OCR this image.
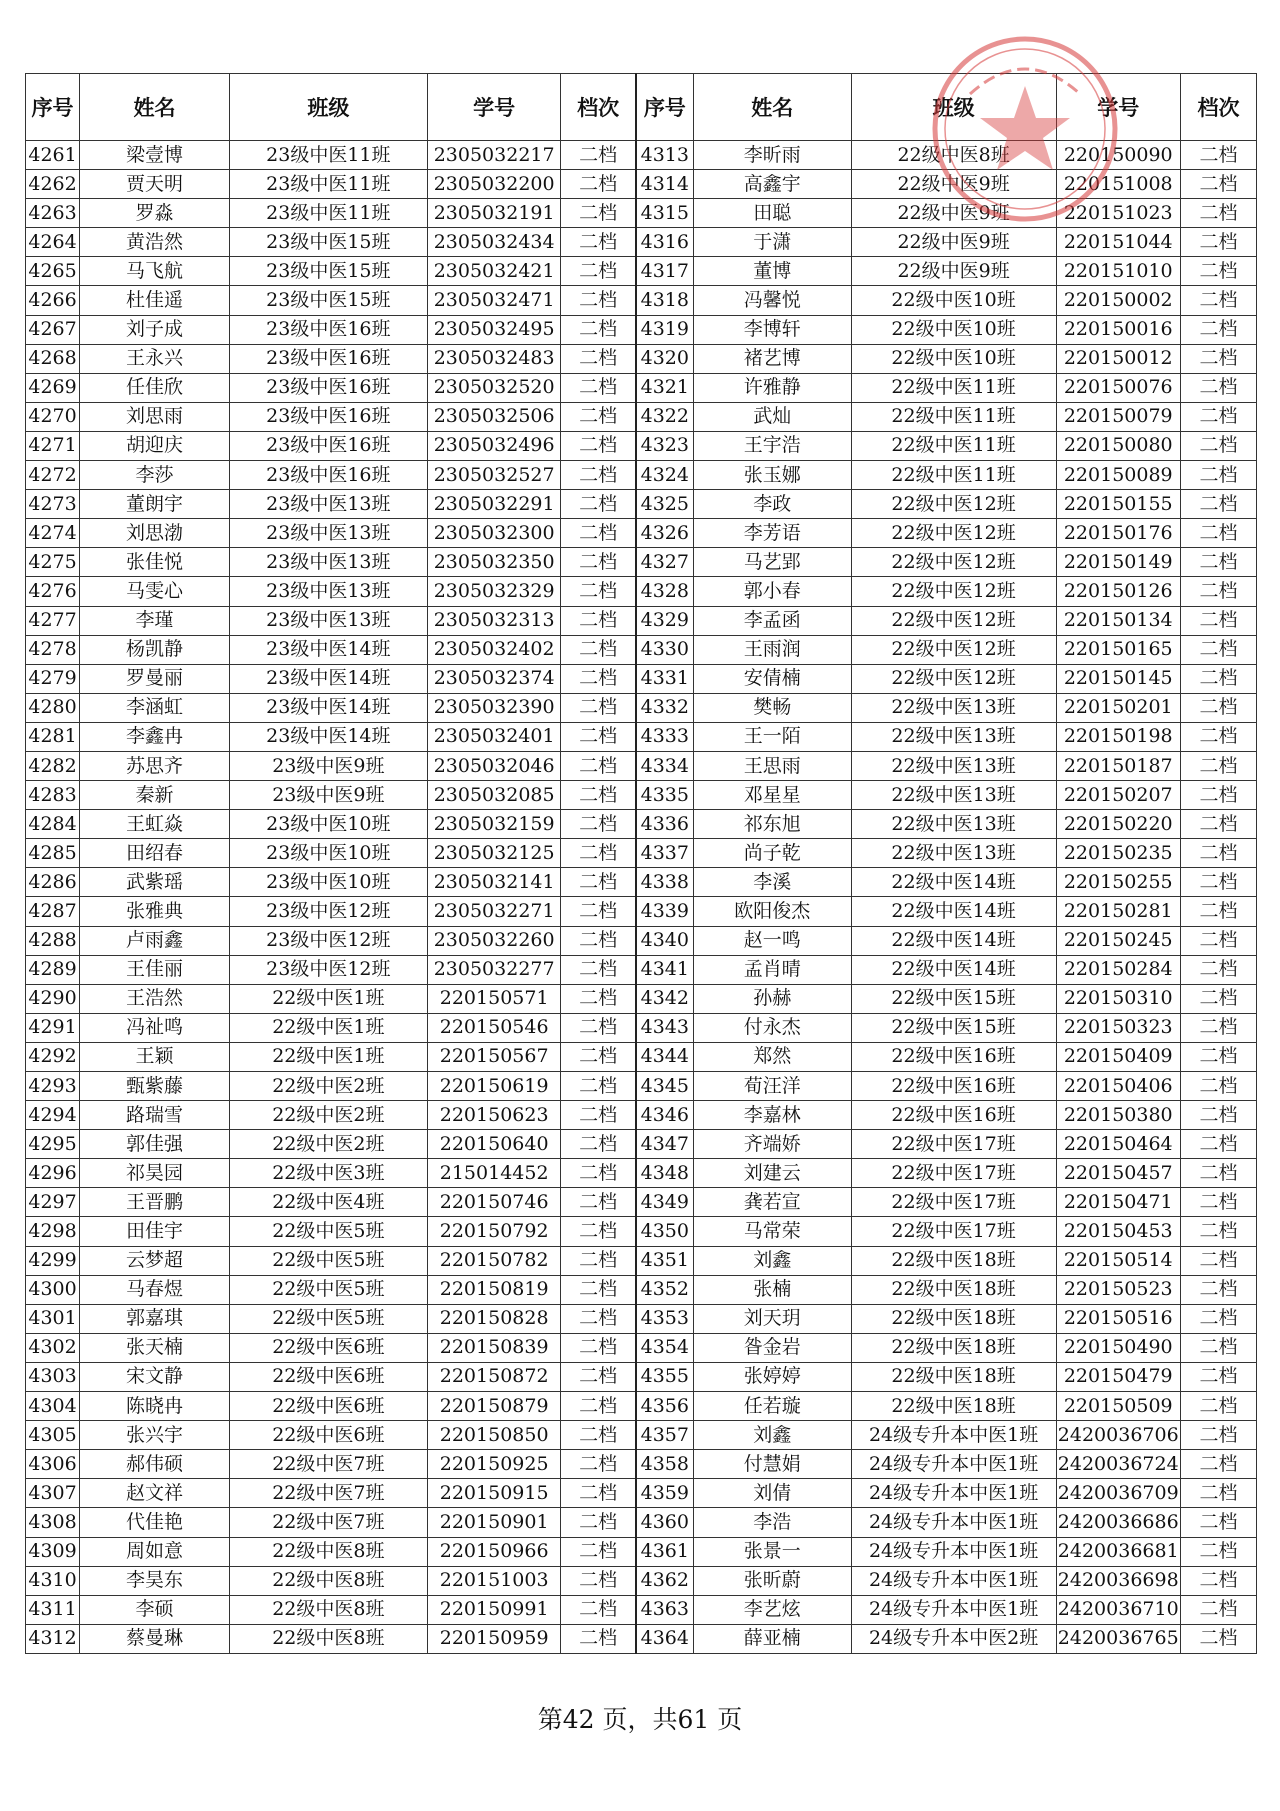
序号	姓名	班级	学号	档次	序号	姓名	班级	学号	档次
4261	梁壹博	23级中医11班	2305032217	二档	4313	李昕雨	22级中医8班	220150090	二档
4262	贾天明	23级中医11班	2305032200	二档	4314	高鑫宇	22级中医9班	220151008	二档
4263	罗淼	23级中医11班	2305032191	二档	4315	田聪	22级中医9班	220151023	二档
4264	黄浩然	23级中医15班	2305032434	二档	4316	于潇	22级中医9班	220151044	二档
4265	马飞航	23级中医15班	2305032421	二档	4317	董博	22级中医9班	220151010	二档
4266	杜佳遥	23级中医15班	2305032471	二档	4318	冯馨悦	22级中医10班	220150002	二档
4267	刘子成	23级中医16班	2305032495	二档	4319	李博轩	22级中医10班	220150016	二档
4268	王永兴	23级中医16班	2305032483	二档	4320	褚艺博	22级中医10班	220150012	二档
4269	任佳欣	23级中医16班	2305032520	二档	4321	许雅静	22级中医11班	220150076	二档
4270	刘思雨	23级中医16班	2305032506	二档	4322	武灿	22级中医11班	220150079	二档
4271	胡迎庆	23级中医16班	2305032496	二档	4323	王宇浩	22级中医11班	220150080	二档
4272	李莎	23级中医16班	2305032527	二档	4324	张玉娜	22级中医11班	220150089	二档
4273	董朗宇	23级中医13班	2305032291	二档	4325	李政	22级中医12班	220150155	二档
4274	刘思渤	23级中医13班	2305032300	二档	4326	李芳语	22级中医12班	220150176	二档
4275	张佳悦	23级中医13班	2305032350	二档	4327	马艺郢	22级中医12班	220150149	二档
4276	马雯心	23级中医13班	2305032329	二档	4328	郭小春	22级中医12班	220150126	二档
4277	李瑾	23级中医13班	2305032313	二档	4329	李孟函	22级中医12班	220150134	二档
4278	杨凯静	23级中医14班	2305032402	二档	4330	王雨润	22级中医12班	220150165	二档
4279	罗曼丽	23级中医14班	2305032374	二档	4331	安倩楠	22级中医12班	220150145	二档
4280	李涵虹	23级中医14班	2305032390	二档	4332	樊畅	22级中医13班	220150201	二档
4281	李鑫冉	23级中医14班	2305032401	二档	4333	王一陌	22级中医13班	220150198	二档
4282	苏思齐	23级中医9班	2305032046	二档	4334	王思雨	22级中医13班	220150187	二档
4283	秦新	23级中医9班	2305032085	二档	4335	邓星星	22级中医13班	220150207	二档
4284	王虹焱	23级中医10班	2305032159	二档	4336	祁东旭	22级中医13班	220150220	二档
4285	田绍春	23级中医10班	2305032125	二档	4337	尚子乾	22级中医13班	220150235	二档
4286	武紫瑶	23级中医10班	2305032141	二档	4338	李溪	22级中医14班	220150255	二档
4287	张雅典	23级中医12班	2305032271	二档	4339	欧阳俊杰	22级中医14班	220150281	二档
4288	卢雨鑫	23级中医12班	2305032260	二档	4340	赵一鸣	22级中医14班	220150245	二档
4289	王佳丽	23级中医12班	2305032277	二档	4341	孟肖晴	22级中医14班	220150284	二档
4290	王浩然	22级中医1班	220150571	二档	4342	孙赫	22级中医15班	220150310	二档
4291	冯祉鸣	22级中医1班	220150546	二档	4343	付永杰	22级中医15班	220150323	二档
4292	王颖	22级中医1班	220150567	二档	4344	郑然	22级中医16班	220150409	二档
4293	甄紫藤	22级中医2班	220150619	二档	4345	荀汪洋	22级中医16班	220150406	二档
4294	路瑞雪	22级中医2班	220150623	二档	4346	李嘉林	22级中医16班	220150380	二档
4295	郭佳强	22级中医2班	220150640	二档	4347	齐端娇	22级中医17班	220150464	二档
4296	祁昊园	22级中医3班	215014452	二档	4348	刘建云	22级中医17班	220150457	二档
4297	王晋鹏	22级中医4班	220150746	二档	4349	龚若宣	22级中医17班	220150471	二档
4298	田佳宇	22级中医5班	220150792	二档	4350	马常荣	22级中医17班	220150453	二档
4299	云梦超	22级中医5班	220150782	二档	4351	刘鑫	22级中医18班	220150514	二档
4300	马春煜	22级中医5班	220150819	二档	4352	张楠	22级中医18班	220150523	二档
4301	郭嘉琪	22级中医5班	220150828	二档	4353	刘天玥	22级中医18班	220150516	二档
4302	张天楠	22级中医6班	220150839	二档	4354	昝金岩	22级中医18班	220150490	二档
4303	宋文静	22级中医6班	220150872	二档	4355	张婷婷	22级中医18班	220150479	二档
4304	陈晓冉	22级中医6班	220150879	二档	4356	任若璇	22级中医18班	220150509	二档
4305	张兴宇	22级中医6班	220150850	二档	4357	刘鑫	24级专升本中医1班	2420036706	二档
4306	郝伟硕	22级中医7班	220150925	二档	4358	付慧娟	24级专升本中医1班	2420036724	二档
4307	赵文祥	22级中医7班	220150915	二档	4359	刘倩	24级专升本中医1班	2420036709	二档
4308	代佳艳	22级中医7班	220150901	二档	4360	李浩	24级专升本中医1班	2420036686	二档
4309	周如意	22级中医8班	220150966	二档	4361	张景一	24级专升本中医1班	2420036681	二档
4310	李昊东	22级中医8班	220151003	二档	4362	张昕蔚	24级专升本中医1班	2420036698	二档
4311	李硕	22级中医8班	220150991	二档	4363	李艺炫	24级专升本中医1班	2420036710	二档
4312	蔡曼琳	22级中医8班	220150959	二档	4364	薛亚楠	24级专升本中医2班	2420036765	二档
第42 页，共61 页
